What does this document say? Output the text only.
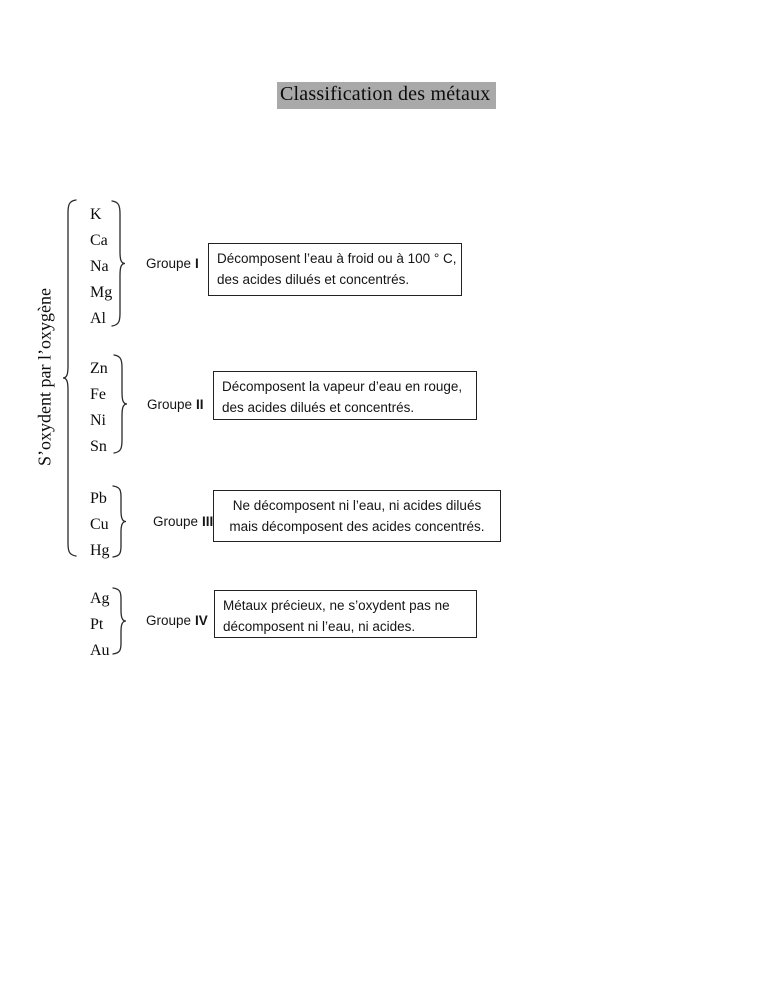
Classification des métaux
S’oxydent par l’oxygène
K
Ca
Na
Mg
Al
Groupe I Décomposent l’eau à froid ou à 100 ° C,
des acides dilués et concentrés.
Zn
Fe
Ni
Sn
Groupe II
Décomposent la vapeur d’eau en rouge,
des acides dilués et concentrés.
Pb
Cu
Hg
Groupe III
Ne décomposent ni l’eau, ni acides dilués
mais décomposent des acides concentrés.
Ag
Pt
Au
Groupe IV
Métaux précieux, ne s’oxydent pas ne
décomposent ni l’eau, ni acides.
